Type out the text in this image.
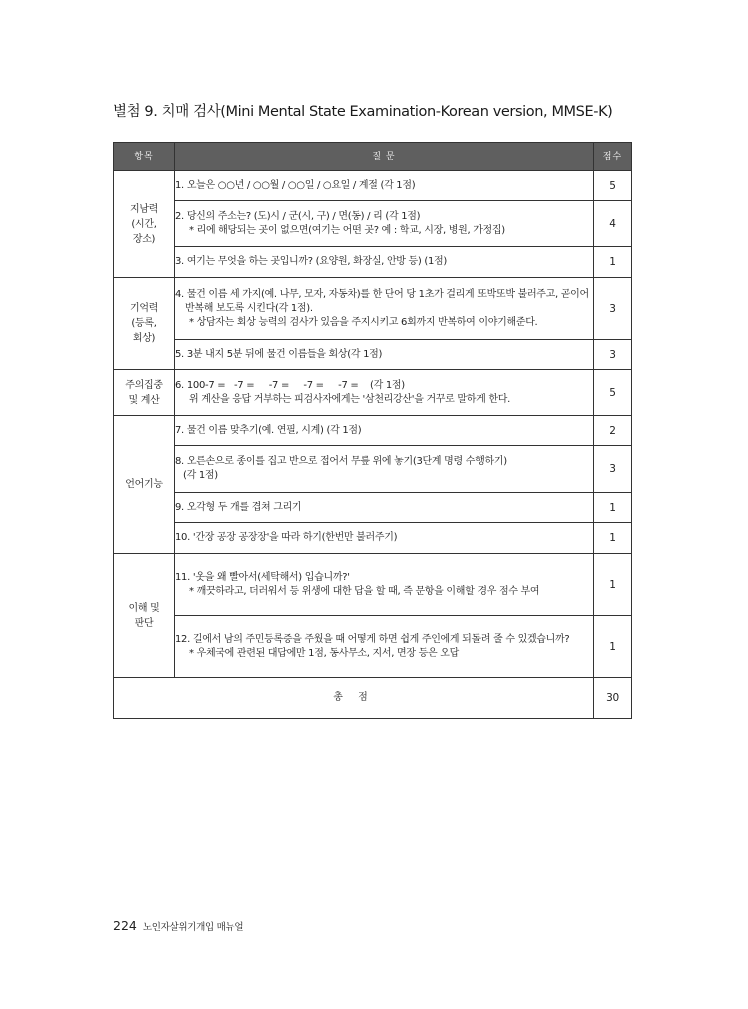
별첨 9. 치매 검사(Mini Mental State Examination-Korean version, MMSE-K)
항목	질 문	점수

지남력
(시간,
장소)	1. 오늘은 ○○년 / ○○월 / ○○일 / ○요일 / 계절 (각 1점)	5

	2. 당신의 주소는? (도)시 / 군(시, 구) / 면(동) / 리 (각 1점)
* 리에 해당되는 곳이 없으면(여기는 어떤 곳? 예 : 학교, 시장, 병원, 가정집)	4

	3. 여기는 무엇을 하는 곳입니까? (요양원, 화장실, 안방 등) (1점)	1

기억력
(등록,
회상)	4. 물건 이름 세 가지(예. 나무, 모자, 자동차)를 한 단어 당 1초가 걸리게 또박또박 불러주고, 곧이어 반복해 보도록 시킨다(각 1점).
* 상담자는 회상 능력의 검사가 있음을 주지시키고 6회까지 반복하여 이야기해준다.	3

	5. 3분 내지 5분 뒤에 물건 이름들을 회상(각 1점)	3

주의집중
및 계산	6. 100-7 =   -7 =     -7 =     -7 =     -7 =    (각 1점)
위 계산을 응답 거부하는 피검사자에게는 '삼천리강산'을 거꾸로 말하게 한다.	5

언어기능	7. 물건 이름 맞추기(예. 연필, 시계) (각 1점)	2

	8. 오른손으로 종이를 집고 반으로 접어서 무릎 위에 놓기(3단계 명령 수행하기)
(각 1점)	3

	9. 오각형 두 개를 겹쳐 그리기	1

	10. '간장 공장 공장장'을 따라 하기(한번만 불러주기)	1

이해 및
판단	11. '옷을 왜 빨아서(세탁해서) 입습니까?'
* 깨끗하라고, 더러워서 등 위생에 대한 답을 할 때, 즉 문항을 이해할 경우 점수 부여	1

	12. 길에서 남의 주민등록증을 주웠을 때 어떻게 하면 쉽게 주인에게 되돌려 줄 수 있겠습니까?
* 우체국에 관련된 대답에만 1점, 동사무소, 지서, 면장 등은 오답	1
총 점		30
224 노인자살위기개입 매뉴얼
